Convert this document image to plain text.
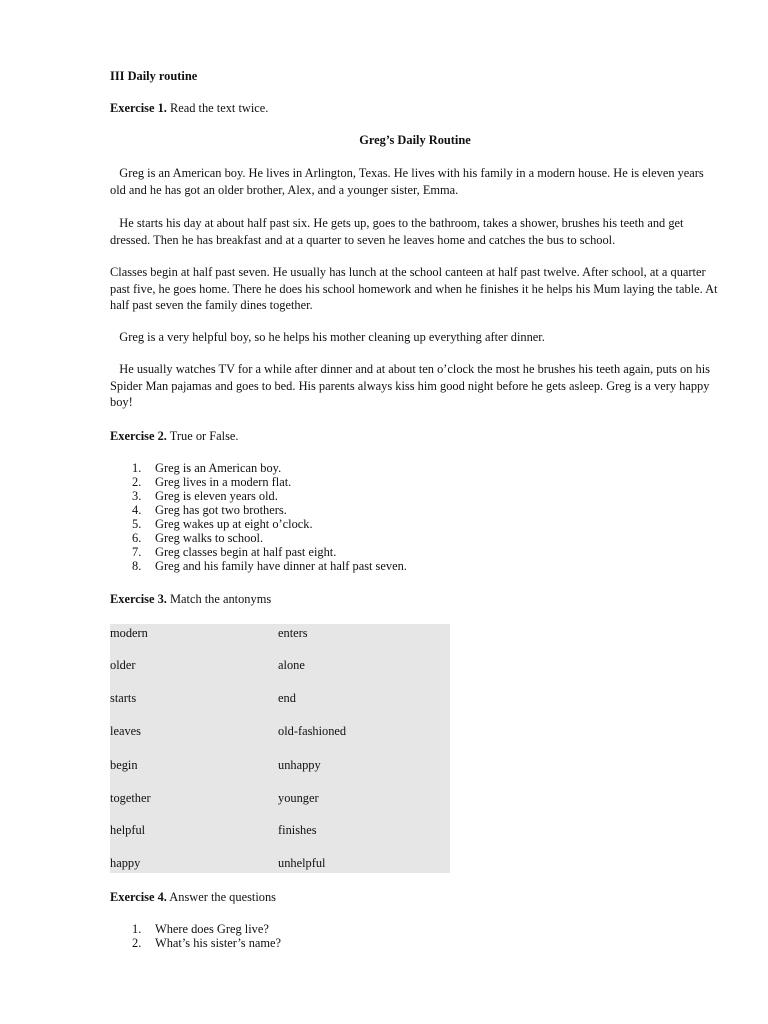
III Daily routine

Exercise 1. Read the text twice.

Greg’s Daily Routine

Greg is an American boy. He lives in Arlington, Texas. He lives with his family in a modern house. He is eleven years old and he has got an older brother, Alex, and a younger sister, Emma.

He starts his day at about half past six. He gets up, goes to the bathroom, takes a shower, brushes his teeth and get dressed. Then he has breakfast and at a quarter to seven he leaves home and catches the bus to school.

Classes begin at half past seven. He usually has lunch at the school canteen at half past twelve. After school, at a quarter past five, he goes home. There he does his school homework and when he finishes it he helps his Mum laying the table. At half past seven the family dines together.

Greg is a very helpful boy, so he helps his mother cleaning up everything after dinner.

He usually watches TV for a while after dinner and at about ten o’clock the most he brushes his teeth again, puts on his Spider Man pajamas and goes to bed. His parents always kiss him good night before he gets asleep. Greg is a very happy boy!

Exercise 2. True or False.

1. Greg is an American boy.
2. Greg lives in a modern flat.
3. Greg is eleven years old.
4. Greg has got two brothers.
5. Greg wakes up at eight o’clock.
6. Greg walks to school.
7. Greg classes begin at half past eight.
8. Greg and his family have dinner at half past seven.

Exercise 3. Match the antonyms

modern	enters
older	alone
starts	end
leaves	old-fashioned
begin	unhappy
together	younger
helpful	finishes
happy	unhelpful

Exercise 4. Answer the questions

1. Where does Greg live?
2. What’s his sister’s name?
